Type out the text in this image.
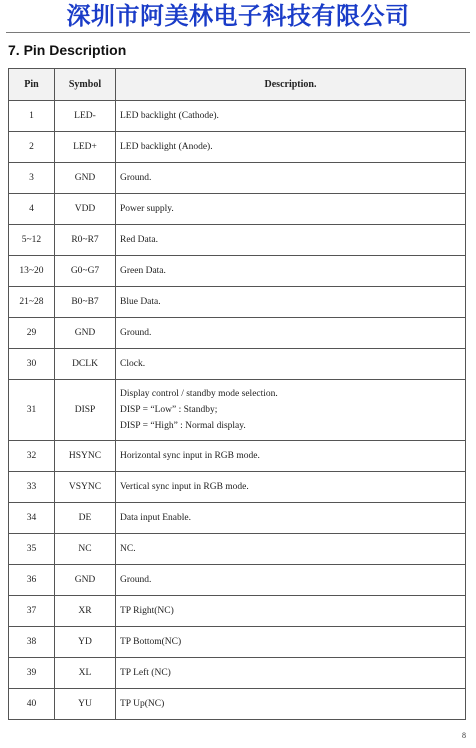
深圳市阿美林电子科技有限公司
7. Pin Description
Pin	Symbol	Description.
1	LED-	LED backlight (Cathode).
2	LED+	LED backlight (Anode).
3	GND	Ground.
4	VDD	Power supply.
5~12	R0~R7	Red Data.
13~20	G0~G7	Green Data.
21~28	B0~B7	Blue Data.
29	GND	Ground.
30	DCLK	Clock.
31	DISP	Display control / standby mode selection.
DISP = “Low” : Standby;
DISP = “High” : Normal display.

32	HSYNC	Horizontal sync input in RGB mode.
33	VSYNC	Vertical sync input in RGB mode.
34	DE	Data input Enable.
35	NC	NC.
36	GND	Ground.
37	XR	TP Right(NC)
38	YD	TP Bottom(NC)
39	XL	TP Left (NC)
40	YU	TP Up(NC)
8
